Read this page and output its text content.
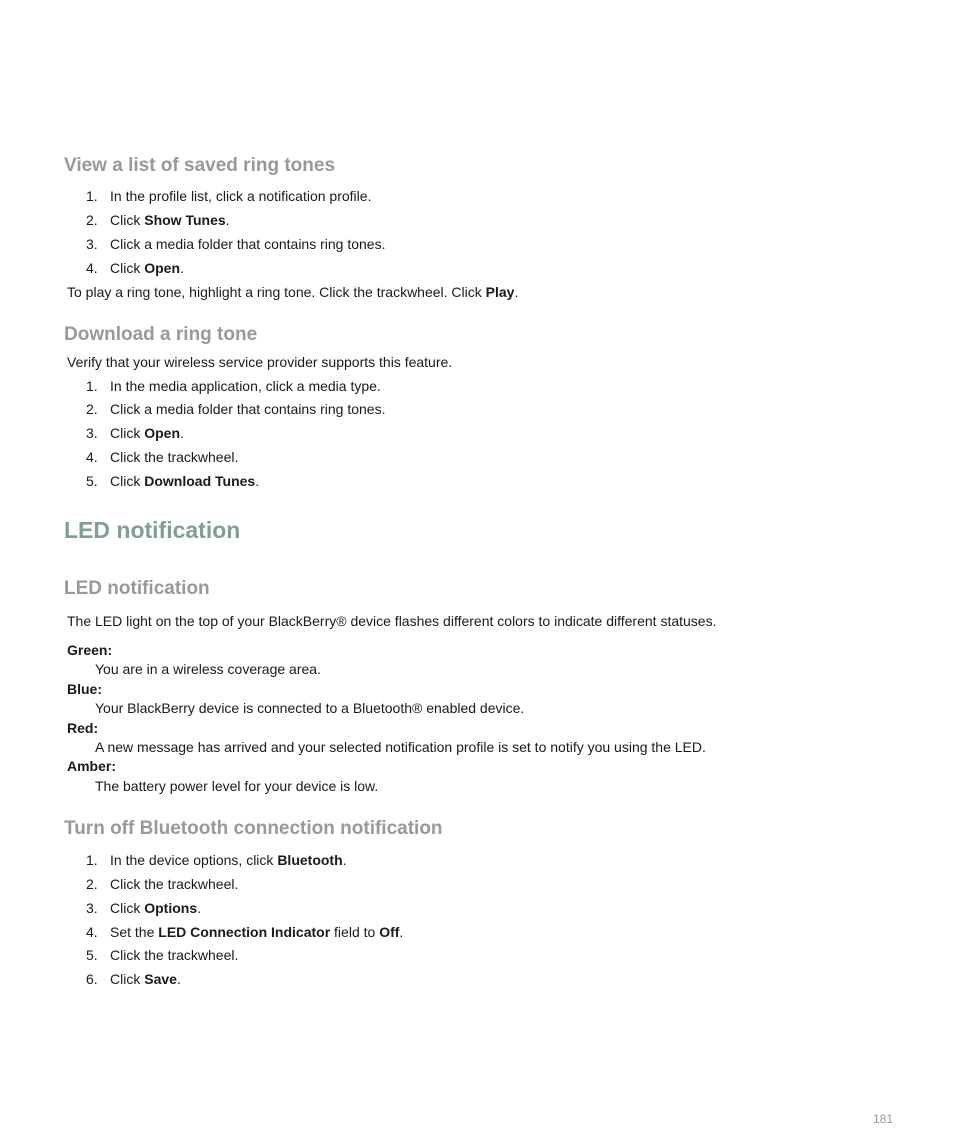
View a list of saved ring tones

1. In the profile list, click a notification profile.

2. Click Show Tunes.

3. Click a media folder that contains ring tones.

4. Click Open.

To play a ring tone, highlight a ring tone. Click the trackwheel. Click Play.

Download a ring tone

Verify that your wireless service provider supports this feature.

1. In the media application, click a media type.

2. Click a media folder that contains ring tones.

3. Click Open.

4. Click the trackwheel.

5. Click Download Tunes.

LED notification
LED notification

The LED light on the top of your BlackBerry® device flashes different colors to indicate different statuses.

Green:

You are in a wireless coverage area.

Blue:

Your BlackBerry device is connected to a Bluetooth® enabled device.

Red:

A new message has arrived and your selected notification profile is set to notify you using the LED.

Amber:

The battery power level for your device is low.

Turn off Bluetooth connection notification

1. In the device options, click Bluetooth.

2. Click the trackwheel.

3. Click Options.

4. Set the LED Connection Indicator field to Off.

5. Click the trackwheel.

6. Click Save.

181
